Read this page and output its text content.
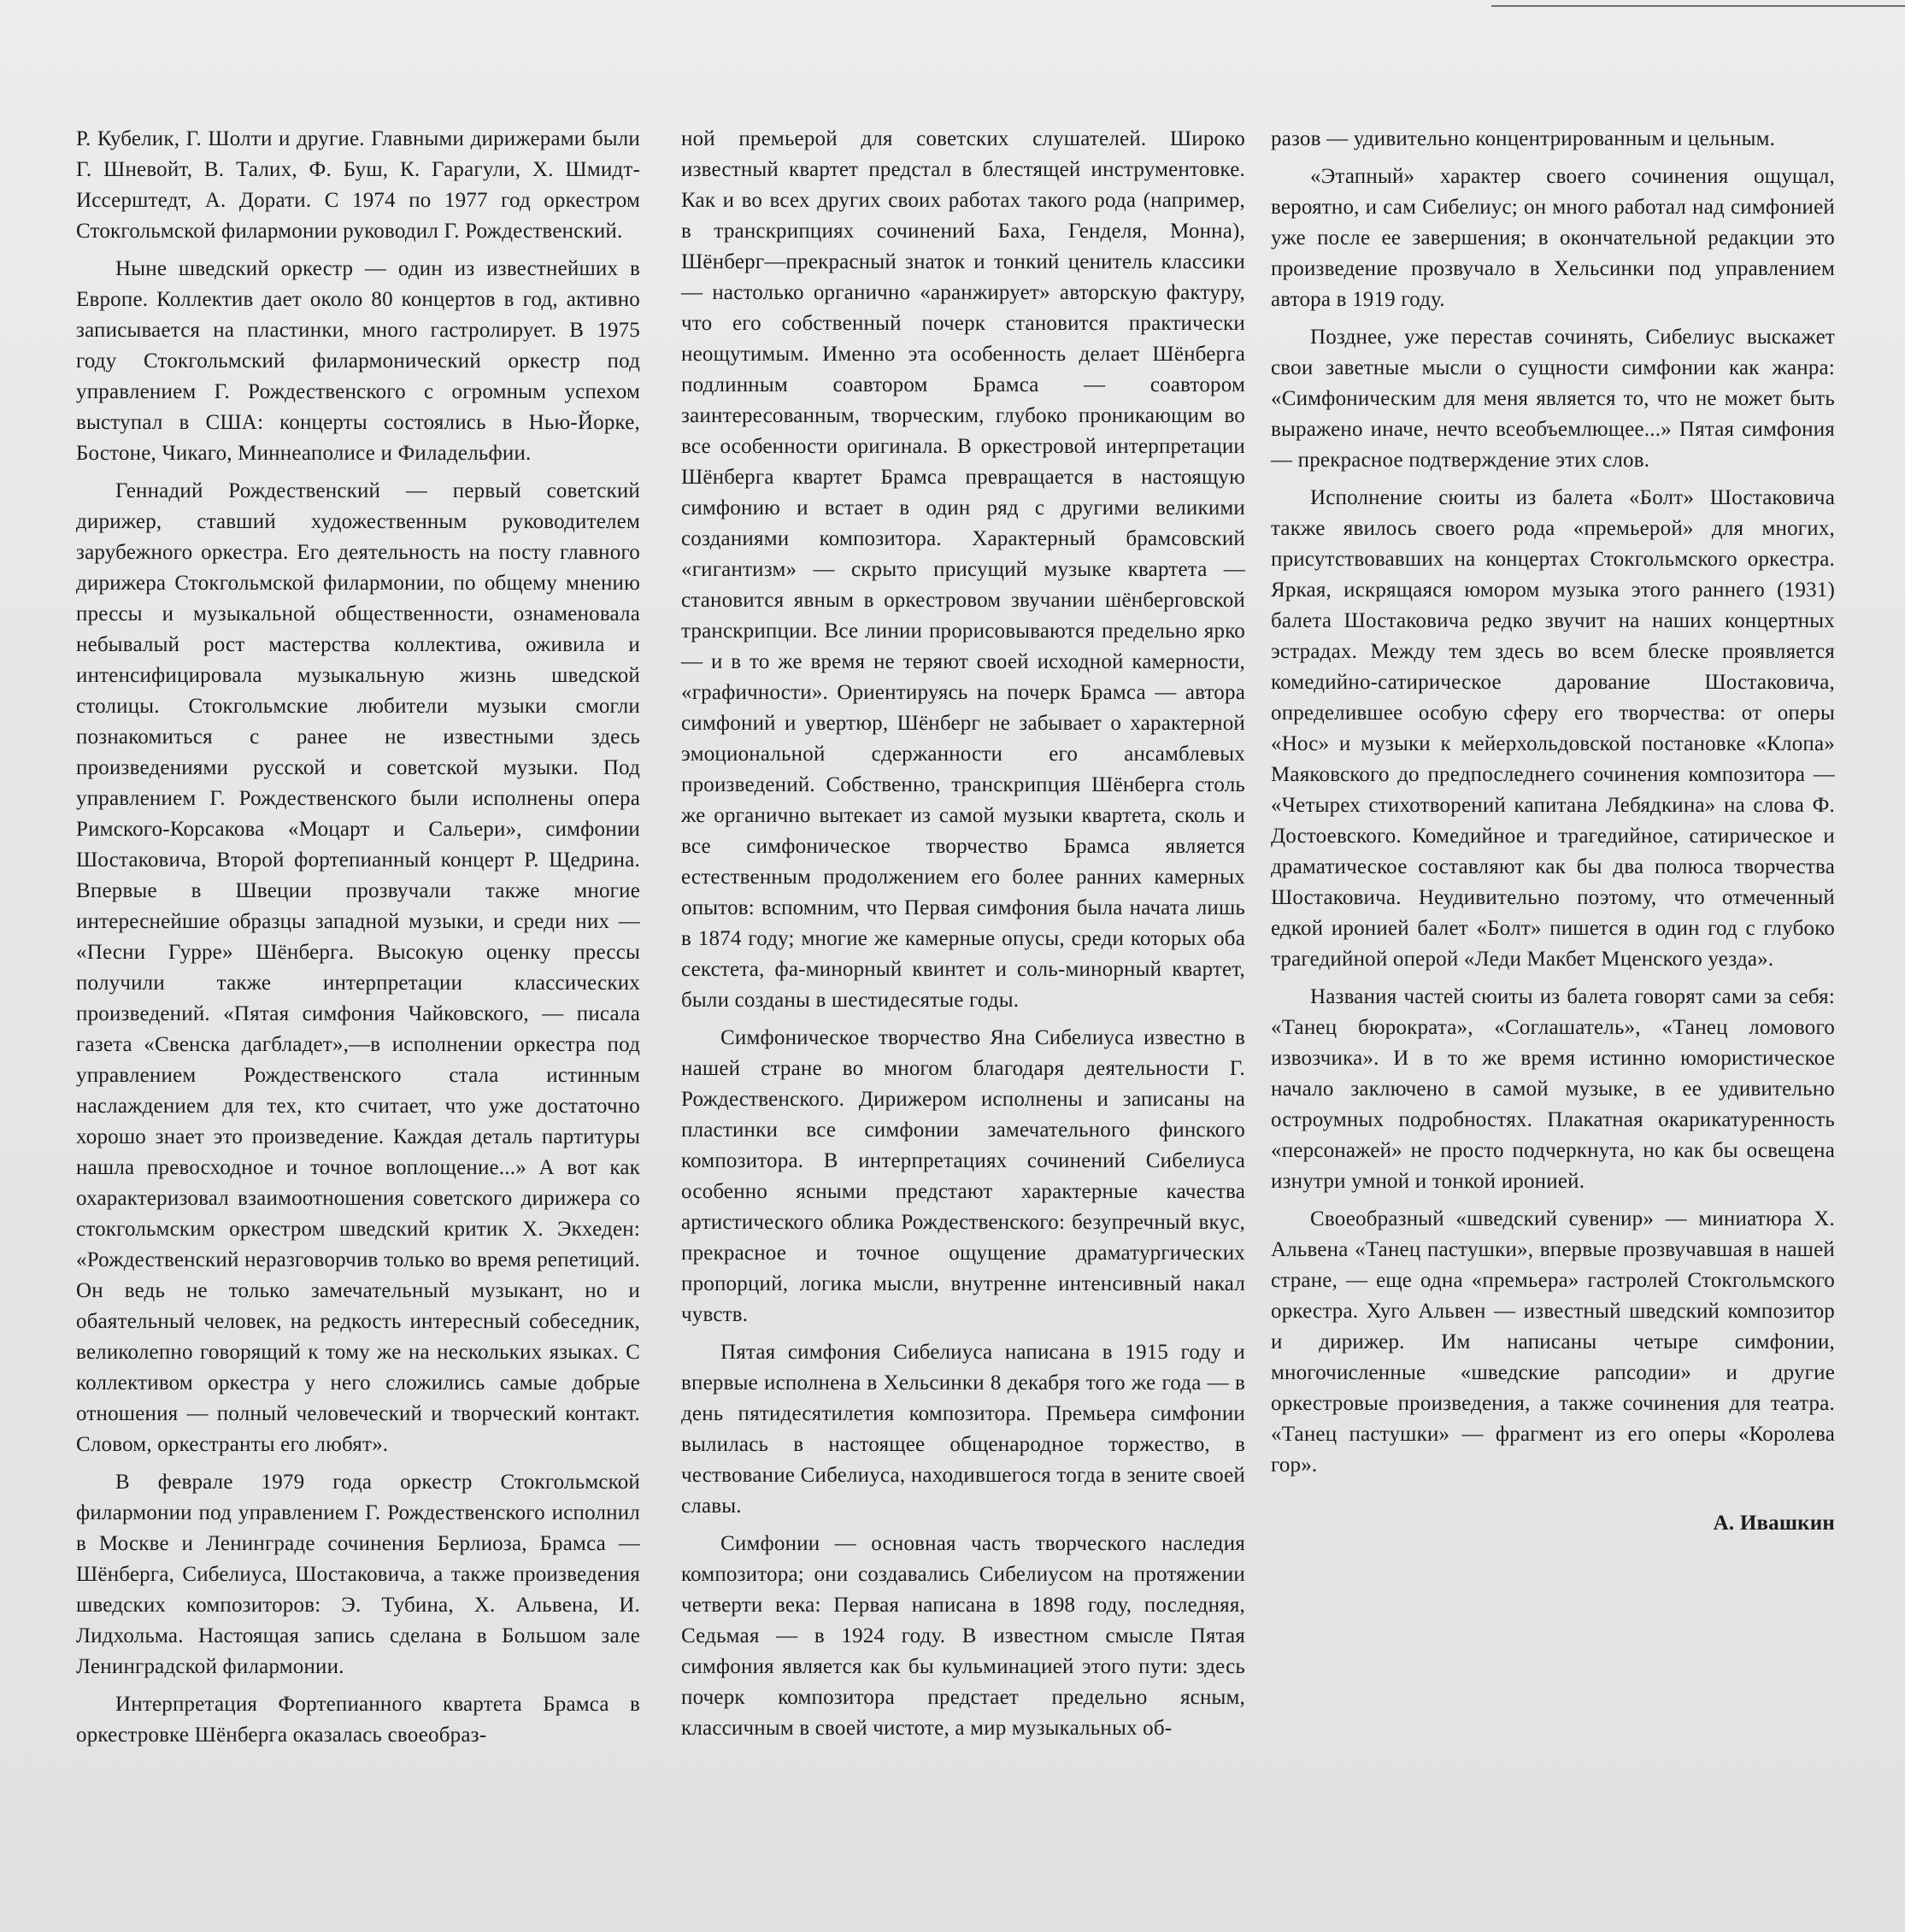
Р. Кубелик, Г. Шолти и другие. Главными дирижерами были Г. Шневойт, В. Талих, Ф. Буш, К. Гарагули, Х. Шмидт-Иссерштедт, А. Дорати. С 1974 по 1977 год оркестром Стокгольмской филармонии руководил Г. Рождественский.

Ныне шведский оркестр — один из известнейших в Европе. Коллектив дает около 80 концертов в год, активно записывается на пластинки, много гастролирует. В 1975 году Стокгольмский филармонический оркестр под управлением Г. Рождественского с огромным успехом выступал в США: концерты состоялись в Нью-Йорке, Бостоне, Чикаго, Миннеаполисе и Филадельфии.

Геннадий Рождественский — первый советский дирижер, ставший художественным руководителем зарубежного оркестра. Его деятельность на посту главного дирижера Стокгольмской филармонии, по общему мнению прессы и музыкальной общественности, ознаменовала небывалый рост мастерства коллектива, оживила и интенсифицировала музыкальную жизнь шведской столицы. Стокгольмские любители музыки смогли познакомиться с ранее не известными здесь произведениями русской и советской музыки. Под управлением Г. Рождественского были исполнены опера Римского-Корсакова «Моцарт и Сальери», симфонии Шостаковича, Второй фортепианный концерт Р. Щедрина. Впервые в Швеции прозвучали также многие интереснейшие образцы западной музыки, и среди них — «Песни Гурре» Шёнберга. Высокую оценку прессы получили также интерпретации классических произведений. «Пятая симфония Чайковского, — писала газета «Свенска дагбладет»,—в исполнении оркестра под управлением Рождественского стала истинным наслаждением для тех, кто считает, что уже достаточно хорошо знает это произведение. Каждая деталь партитуры нашла превосходное и точное воплощение...» А вот как охарактеризовал взаимоотношения советского дирижера со стокгольмским оркестром шведский критик Х. Экхеден: «Рождественский неразговорчив только во время репетиций. Он ведь не только замечательный музыкант, но и обаятельный человек, на редкость интересный собеседник, великолепно говорящий к тому же на нескольких языках. С коллективом оркестра у него сложились самые добрые отношения — полный человеческий и творческий контакт. Словом, оркестранты его любят».

В феврале 1979 года оркестр Стокгольмской филармонии под управлением Г. Рождественского исполнил в Москве и Ленинграде сочинения Берлиоза, Брамса — Шёнберга, Сибелиуса, Шостаковича, а также произведения шведских композиторов: Э. Тубина, Х. Альвена, И. Лидхольма. Настоящая запись сделана в Большом зале Ленинградской филармонии.

Интерпретация Фортепианного квартета Брамса в оркестровке Шёнберга оказалась своеобраз-

ной премьерой для советских слушателей. Широко известный квартет предстал в блестящей инструментовке. Как и во всех других своих работах такого рода (например, в транскрипциях сочинений Баха, Генделя, Монна), Шёнберг—прекрасный знаток и тонкий ценитель классики — настолько органично «аранжирует» авторскую фактуру, что его собственный почерк становится практически неощутимым. Именно эта особенность делает Шёнберга подлинным соавтором Брамса — соавтором заинтересованным, творческим, глубоко проникающим во все особенности оригинала. В оркестровой интерпретации Шёнберга квартет Брамса превращается в настоящую симфонию и встает в один ряд с другими великими созданиями композитора. Характерный брамсовский «гигантизм» — скрыто присущий музыке квартета — становится явным в оркестровом звучании шёнберговской транскрипции. Все линии прорисовываются предельно ярко — и в то же время не теряют своей исходной камерности, «графичности». Ориентируясь на почерк Брамса — автора симфоний и увертюр, Шёнберг не забывает о характерной эмоциональной сдержанности его ансамблевых произведений. Собственно, транскрипция Шёнберга столь же органично вытекает из самой музыки квартета, сколь и все симфоническое творчество Брамса является естественным продолжением его более ранних камерных опытов: вспомним, что Первая симфония была начата лишь в 1874 году; многие же камерные опусы, среди которых оба секстета, фа-минорный квинтет и соль-минорный квартет, были созданы в шестидесятые годы.

Симфоническое творчество Яна Сибелиуса известно в нашей стране во многом благодаря деятельности Г. Рождественского. Дирижером исполнены и записаны на пластинки все симфонии замечательного финского композитора. В интерпретациях сочинений Сибелиуса особенно ясными предстают характерные качества артистического облика Рождественского: безупречный вкус, прекрасное и точное ощущение драматургических пропорций, логика мысли, внутренне интенсивный накал чувств.

Пятая симфония Сибелиуса написана в 1915 году и впервые исполнена в Хельсинки 8 декабря того же года — в день пятидесятилетия композитора. Премьера симфонии вылилась в настоящее общенародное торжество, в чествование Сибелиуса, находившегося тогда в зените своей славы.

Симфонии — основная часть творческого наследия композитора; они создавались Сибелиусом на протяжении четверти века: Первая написана в 1898 году, последняя, Седьмая — в 1924 году. В известном смысле Пятая симфония является как бы кульминацией этого пути: здесь почерк композитора предстает предельно ясным, классичным в своей чистоте, а мир музыкальных об-

разов — удивительно концентрированным и цельным.

«Этапный» характер своего сочинения ощущал, вероятно, и сам Сибелиус; он много работал над симфонией уже после ее завершения; в окончательной редакции это произведение прозвучало в Хельсинки под управлением автора в 1919 году.

Позднее, уже перестав сочинять, Сибелиус выскажет свои заветные мысли о сущности симфонии как жанра: «Симфоническим для меня является то, что не может быть выражено иначе, нечто всеобъемлющее...» Пятая симфония — прекрасное подтверждение этих слов.

Исполнение сюиты из балета «Болт» Шостаковича также явилось своего рода «премьерой» для многих, присутствовавших на концертах Стокгольмского оркестра. Яркая, искрящаяся юмором музыка этого раннего (1931) балета Шостаковича редко звучит на наших концертных эстрадах. Между тем здесь во всем блеске проявляется комедийно-сатирическое дарование Шостаковича, определившее особую сферу его творчества: от оперы «Нос» и музыки к мейерхольдовской постановке «Клопа» Маяковского до предпоследнего сочинения композитора — «Четырех стихотворений капитана Лебядкина» на слова Ф. Достоевского. Комедийное и трагедийное, сатирическое и драматическое составляют как бы два полюса творчества Шостаковича. Неудивительно поэтому, что отмеченный едкой иронией балет «Болт» пишется в один год с глубоко трагедийной оперой «Леди Макбет Мценского уезда».

Названия частей сюиты из балета говорят сами за себя: «Танец бюрократа», «Соглашатель», «Танец ломового извозчика». И в то же время истинно юмористическое начало заключено в самой музыке, в ее удивительно остроумных подробностях. Плакатная окарикатуренность «персонажей» не просто подчеркнута, но как бы освещена изнутри умной и тонкой иронией.

Своеобразный «шведский сувенир» — миниатюра Х. Альвена «Танец пастушки», впервые прозвучавшая в нашей стране, — еще одна «премьера» гастролей Стокгольмского оркестра. Хуго Альвен — известный шведский композитор и дирижер. Им написаны четыре симфонии, многочисленные «шведские рапсодии» и другие оркестровые произведения, а также сочинения для театра. «Танец пастушки» — фрагмент из его оперы «Королева гор».

А. Ивашкин
